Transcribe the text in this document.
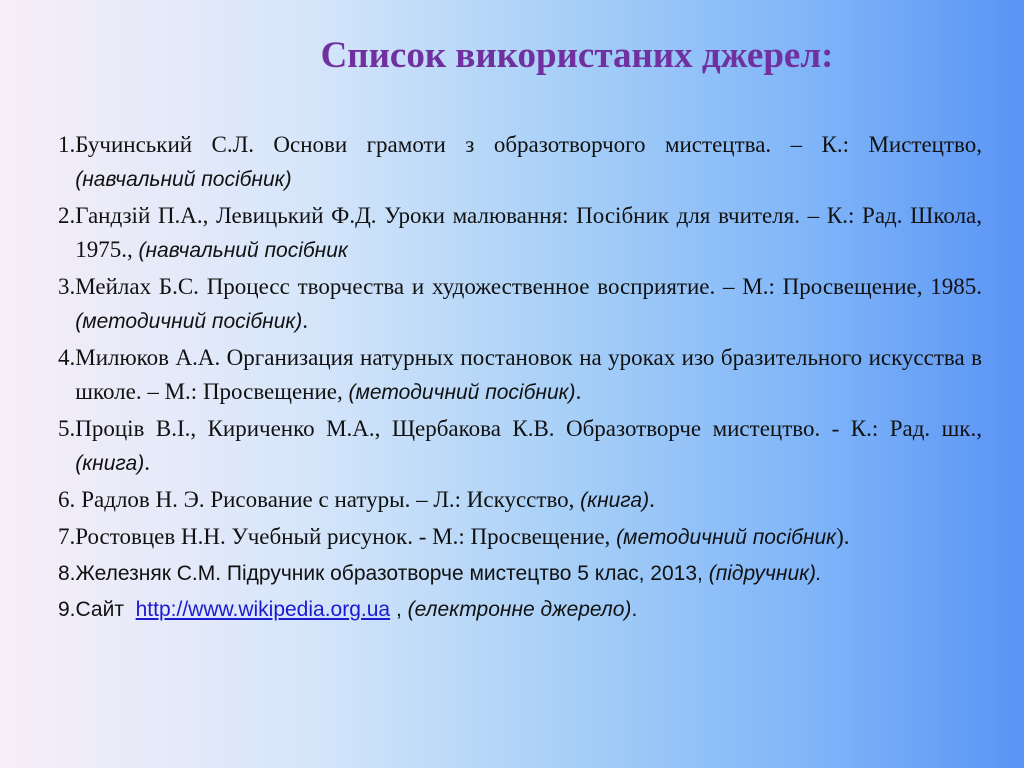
Список використаних джерел:
1. Бучинський С.Л. Основи грамоти з образотворчого мистецтва. – К.: Мистецтво, (навчальний посібник)
2. Гандзій П.А., Левицький Ф.Д. Уроки малювання: Посібник для вчителя. – К.: Рад. Школа, 1975., (навчальний посібник
3. Мейлах Б.С. Процесс творчества и художественное восприятие. – М.: Просвещение, 1985. (методичний посібник).
4. Милюков А.А. Организация натурных постановок на уроках изо бразительного искусства в школе. – М.: Просвещение, (методичний посібник).
5. Проців В.І., Кириченко М.А., Щербакова К.В. Образотворче мистецтво. - К.: Рад. шк., (книга).
6. Радлов Н. Э. Рисование с натуры. – Л.: Искусство, (книга).
7. Ростовцев Н.Н. Учебный рисунок. - М.: Просвещение, (методичний посібник).
8. Железняк С.М. Підручник образотворче мистецтво 5 клас, 2013, (підручник).
9. Сайт http://www.wikipedia.org.ua , (електронне джерело).
